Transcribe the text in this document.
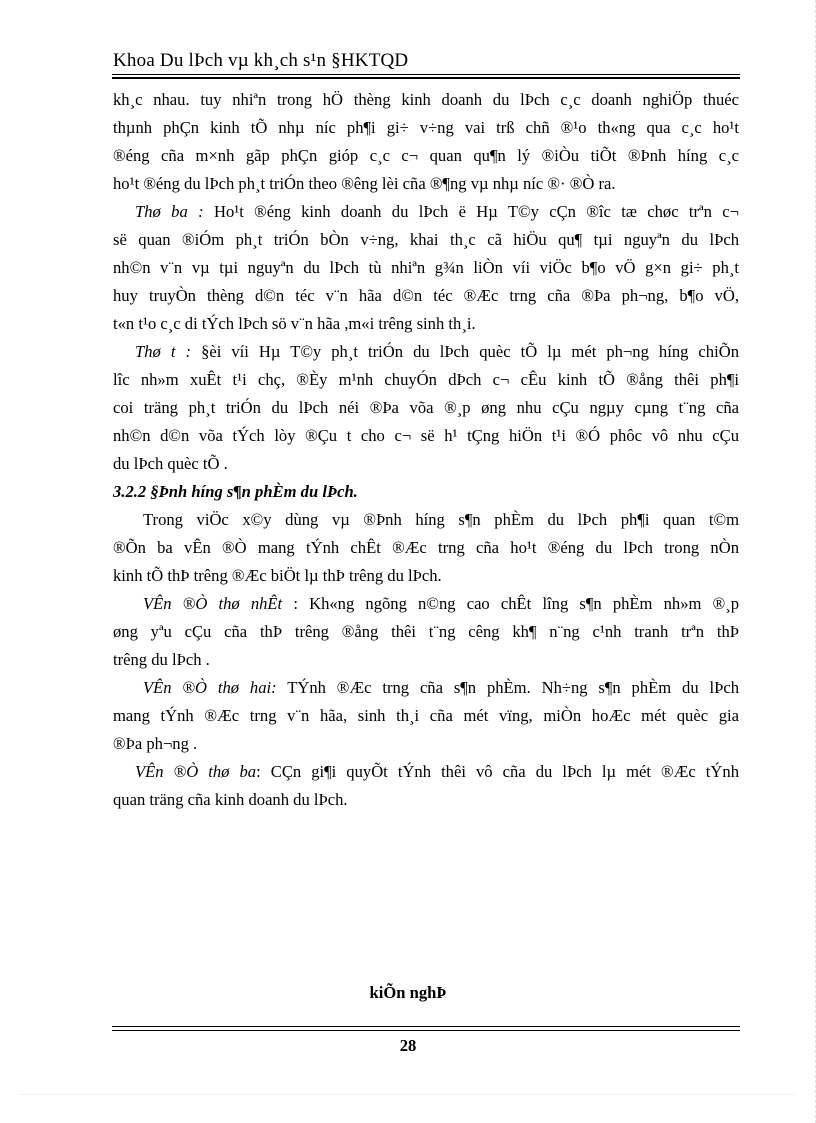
Khoa Du lÞch vµ kh¸ch s¹n §HKTQD
kh¸c nhau. tuy nhiªn trong hÖ thèng kinh doanh du lÞch c¸c doanh nghiÖp thuéc
thµnh phÇn kinh tÕ nhµ níc ph¶i gi÷ v÷ng vai trß chñ ®¹o th«ng qua c¸c ho¹t
®éng cña m×nh gãp phÇn gióp c¸c c¬ quan qu¶n lý ®iÒu tiÕt ®Þnh híng c¸c
ho¹t ®éng du lÞch ph¸t triÓn theo ®êng lèi cña ®¶ng vµ nhµ níc ®· ®Ò ra.
Thø ba : Ho¹t ®éng kinh doanh du lÞch ë Hµ T©y cÇn ®îc tæ chøc trªn c¬
së quan ®iÓm ph¸t triÓn bÒn v÷ng, khai th¸c cã hiÖu qu¶ tµi nguyªn du lÞch
nh©n v¨n vµ tµi nguyªn du lÞch tù nhiªn g¾n liÒn víi viÖc b¶o vÖ g×n gi÷ ph¸t
huy truyÒn thèng d©n téc v¨n hãa d©n téc ®Æc trng cña ®Þa ph¬ng, b¶o vÖ,
t«n t¹o c¸c di tÝch lÞch sö v¨n hãa ,m«i trêng sinh th¸i.
Thø t : §èi víi Hµ T©y ph¸t triÓn du lÞch quèc tÕ lµ mét ph¬ng híng chiÕn
lîc nh»m xuÊt t¹i chç, ®Èy m¹nh chuyÓn dÞch c¬ cÊu kinh tÕ ®ång thêi ph¶i
coi träng ph¸t triÓn du lÞch néi ®Þa võa ®¸p øng nhu cÇu ngµy cµng t¨ng cña
nh©n d©n võa tÝch lòy ®Çu t cho c¬ së h¹ tÇng hiÖn t¹i ®Ó phôc vô nhu cÇu
du lÞch quèc tÕ .
3.2.2 §Þnh híng s¶n phÈm du lÞch.
Trong viÖc x©y dùng vµ ®Þnh híng s¶n phÈm du lÞch ph¶i quan t©m
®Õn ba vÊn ®Ò mang tÝnh chÊt ®Æc trng cña ho¹t ®éng du lÞch trong nÒn
kinh tÕ thÞ trêng ®Æc biÖt lµ thÞ trêng du lÞch.
VÊn ®Ò thø nhÊt : Kh«ng ngõng n©ng cao chÊt lîng s¶n phÈm nh»m ®¸p
øng yªu cÇu cña thÞ trêng ®ång thêi t¨ng cêng kh¶ n¨ng c¹nh tranh trªn thÞ
trêng du lÞch .
VÊn ®Ò thø hai: TÝnh ®Æc trng cña s¶n phÈm. Nh÷ng s¶n phÈm du lÞch
mang tÝnh ®Æc trng v¨n hãa, sinh th¸i cña mét vïng, miÒn hoÆc mét quèc gia
®Þa ph¬ng .
VÊn ®Ò thø ba: CÇn gi¶i quyÕt tÝnh thêi vô cña du lÞch lµ mét ®Æc tÝnh
quan träng cña kinh doanh du lÞch.
kiÕn nghÞ
28
